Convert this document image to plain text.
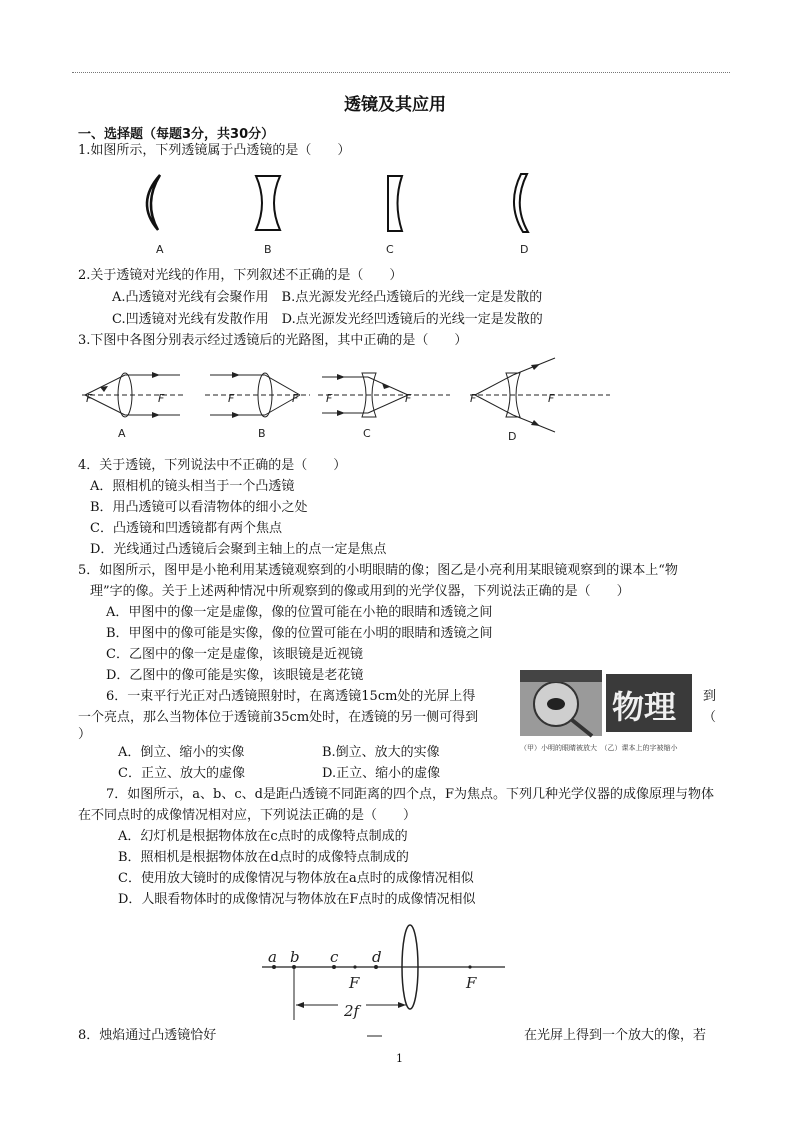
透镜及其应用
一、选择题（每题3分，共30分）
1.如图所示，下列透镜属于凸透镜的是（　　）
A	B	C	D
2.关于透镜对光线的作用，下列叙述不正确的是（　　）
A.凸透镜对光线有会聚作用　B.点光源发光经凸透镜后的光线一定是发散的
C.凹透镜对光线有发散作用　D.点光源发光经凹透镜后的光线一定是发散的
3.下图中各图分别表示经过透镜后的光路图，其中正确的是（　　）
F	F	F	F	F	F	F	F
A	B	C	D
4．关于透镜，下列说法中不正确的是（　　）
A．照相机的镜头相当于一个凸透镜
B．用凸透镜可以看清物体的细小之处
C．凸透镜和凹透镜都有两个焦点
D．光线通过凸透镜后会聚到主轴上的点一定是焦点
5．如图所示，图甲是小艳利用某透镜观察到的小明眼睛的像；图乙是小亮利用某眼镜观察到的课本上“物
理”字的像。关于上述两种情况中所观察到的像或用到的光学仪器，下列说法正确的是（　　）
A．甲图中的像一定是虚像，像的位置可能在小艳的眼睛和透镜之间
B．甲图中的像可能是实像，像的位置可能在小明的眼睛和透镜之间
C．乙图中的像一定是虚像，该眼镜是近视镜
D．乙图中的像可能是实像，该眼镜是老花镜
物理
（甲）小明的眼睛被放大　（乙）课本上的字被缩小
6．一束平行光正对凸透镜照射时，在离透镜15cm处的光屏上得	到
一个亮点，那么当物体位于透镜前35cm处时，在透镜的另一侧可得到	（
）
A．倒立、缩小的实像	B.倒立、放大的实像
C．正立、放大的虚像	D.正立、缩小的虚像
7．如图所示，a、b、c、d是距凸透镜不同距离的四个点，F为焦点。下列几种光学仪器的成像原理与物体
在不同点时的成像情况相对应，下列说法正确的是（　　）
A．幻灯机是根据物体放在c点时的成像特点制成的
B．照相机是根据物体放在d点时的成像特点制成的
C．使用放大镜时的成像情况与物体放在a点时的成像情况相似
D．人眼看物体时的成像情况与物体放在F点时的成像情况相似
a b c d
F	F
2f
8．烛焰通过凸透镜恰好	在光屏上得到一个放大的像，若
1
